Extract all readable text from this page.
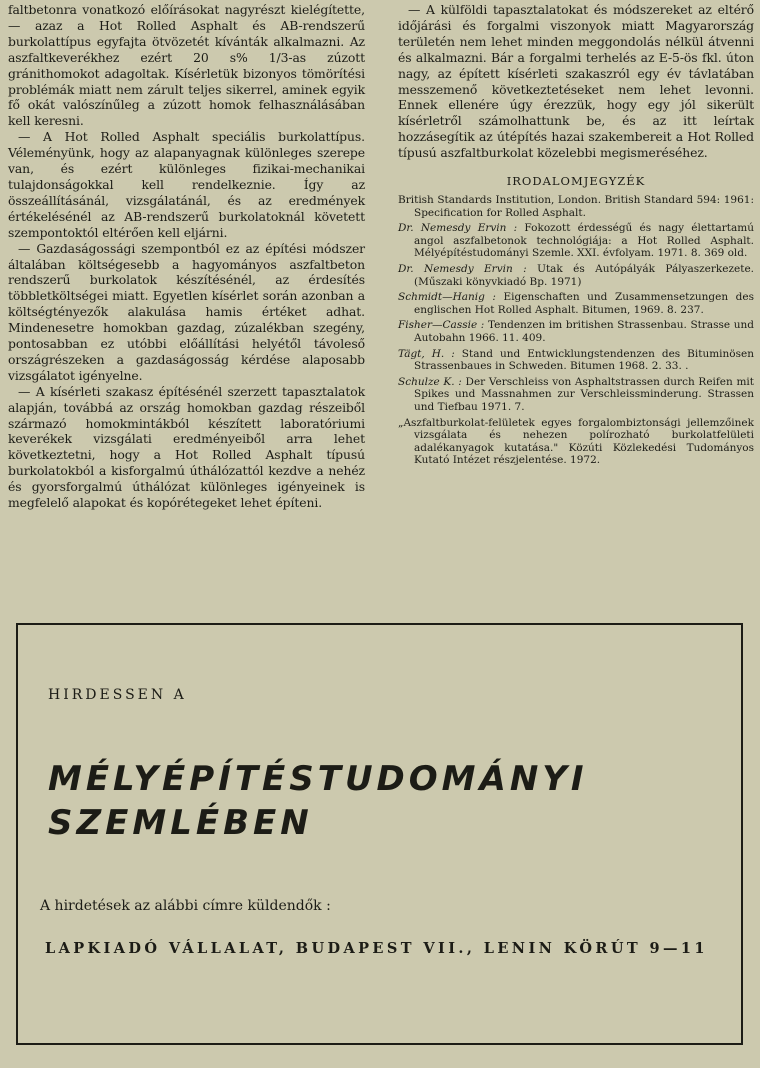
faltbetonra vonatkozó előírásokat nagyrészt kielégítette, — azaz a Hot Rolled Asphalt és AB-rendszerű burkolattípus egyfajta ötvözetét kívánták alkalmazni. Az aszfaltkeverékhez ezért 20 s% 1/3-as zúzott gránithomokot adagoltak. Kísérletük bizonyos tömörítési problémák miatt nem zárult teljes sikerrel, aminek egyik fő okát valószínűleg a zúzott homok felhasználásában kell keresni.

— A Hot Rolled Asphalt speciális burkolattípus. Véleményünk, hogy az alapanyagnak különleges szerepe van, és ezért különleges fizikai-mechanikai tulajdonságokkal kell rendelkeznie. Így az összeállításánál, vizsgálatánál, és az eredmények értékelésénél az AB-rendszerű burkolatoknál követett szempontoktól eltérően kell eljárni.

— Gazdaságossági szempontból ez az építési módszer általában költségesebb a hagyományos aszfaltbeton rendszerű burkolatok készítésénél, az érdesítés többletköltségei miatt. Egyetlen kísérlet során azonban a költségtényezők alakulása hamis értéket adhat. Mindenesetre homokban gazdag, zúzalékban szegény, pontosabban ez utóbbi előállítási helyétől távoleső országrészeken a gazdaságosság kérdése alaposabb vizsgálatot igényelne.

— A kísérleti szakasz építésénél szerzett tapasztalatok alapján, továbbá az ország homokban gazdag részeiből származó homokmintákból készített laboratóriumi keverékek vizsgálati eredményeiből arra lehet következtetni, hogy a Hot Rolled Asphalt típusú burkolatokból a kisforgalmú úthálózattól kezdve a nehéz és gyorsforgalmú úthálózat különleges igényeinek is megfelelő alapokat és kopórétegeket lehet építeni.

— A külföldi tapasztalatokat és módszereket az eltérő időjárási és forgalmi viszonyok miatt Magyarország területén nem lehet minden meggondolás nélkül átvenni és alkalmazni. Bár a forgalmi terhelés az E-5-ös fkl. úton nagy, az épített kísérleti szakaszról egy év távlatában messzemenő következtetéseket nem lehet levonni. Ennek ellenére úgy érezzük, hogy egy jól sikerült kísérletről számolhattunk be, és az itt leírtak hozzásegítik az útépítés hazai szakembereit a Hot Rolled típusú aszfaltburkolat közelebbi megismeréséhez.

IRODALOMJEGYZÉK

British Standards Institution, London. British Standard 594: 1961: Specification for Rolled Asphalt.

Dr. Nemesdy Ervin : Fokozott érdességű és nagy élettartamú angol aszfalbetonok technológiája: a Hot Rolled Asphalt. Mélyépítéstudományi Szemle. XXI. évfolyam. 1971. 8. 369 old.

Dr. Nemesdy Ervin : Utak és Autópályák Pályaszerkezete. (Műszaki könyvkiadó Bp. 1971)

Schmidt—Hanig : Eigenschaften und Zusammensetzungen des englischen Hot Rolled Asphalt. Bitumen, 1969. 8. 237.

Fisher—Cassie : Tendenzen im britishen Strassenbau. Strasse und Autobahn 1966. 11. 409.

Tägt, H. : Stand und Entwicklungstendenzen des Bituminösen Strassenbaues in Schweden. Bitumen 1968. 2. 33. .

Schulze K. : Der Verschleiss von Asphaltstrassen durch Reifen mit Spikes und Massnahmen zur Verschleissminderung. Strassen und Tiefbau 1971. 7.

„Aszfaltburkolat-felületek egyes forgalombiztonsági jellemzőinek vizsgálata és nehezen polírozható burkolatfelületi adalékanyagok kutatása." Közúti Közlekedési Tudományos Kutató Intézet részjelentése. 1972.

HIRDESSEN A
MÉLYÉPÍTÉSTUDOMÁNYI
SZEMLÉBEN
A hirdetések az alábbi címre küldendők :
LAPKIADÓ VÁLLALAT, BUDAPEST VII., LENIN KÖRÚT 9—11
